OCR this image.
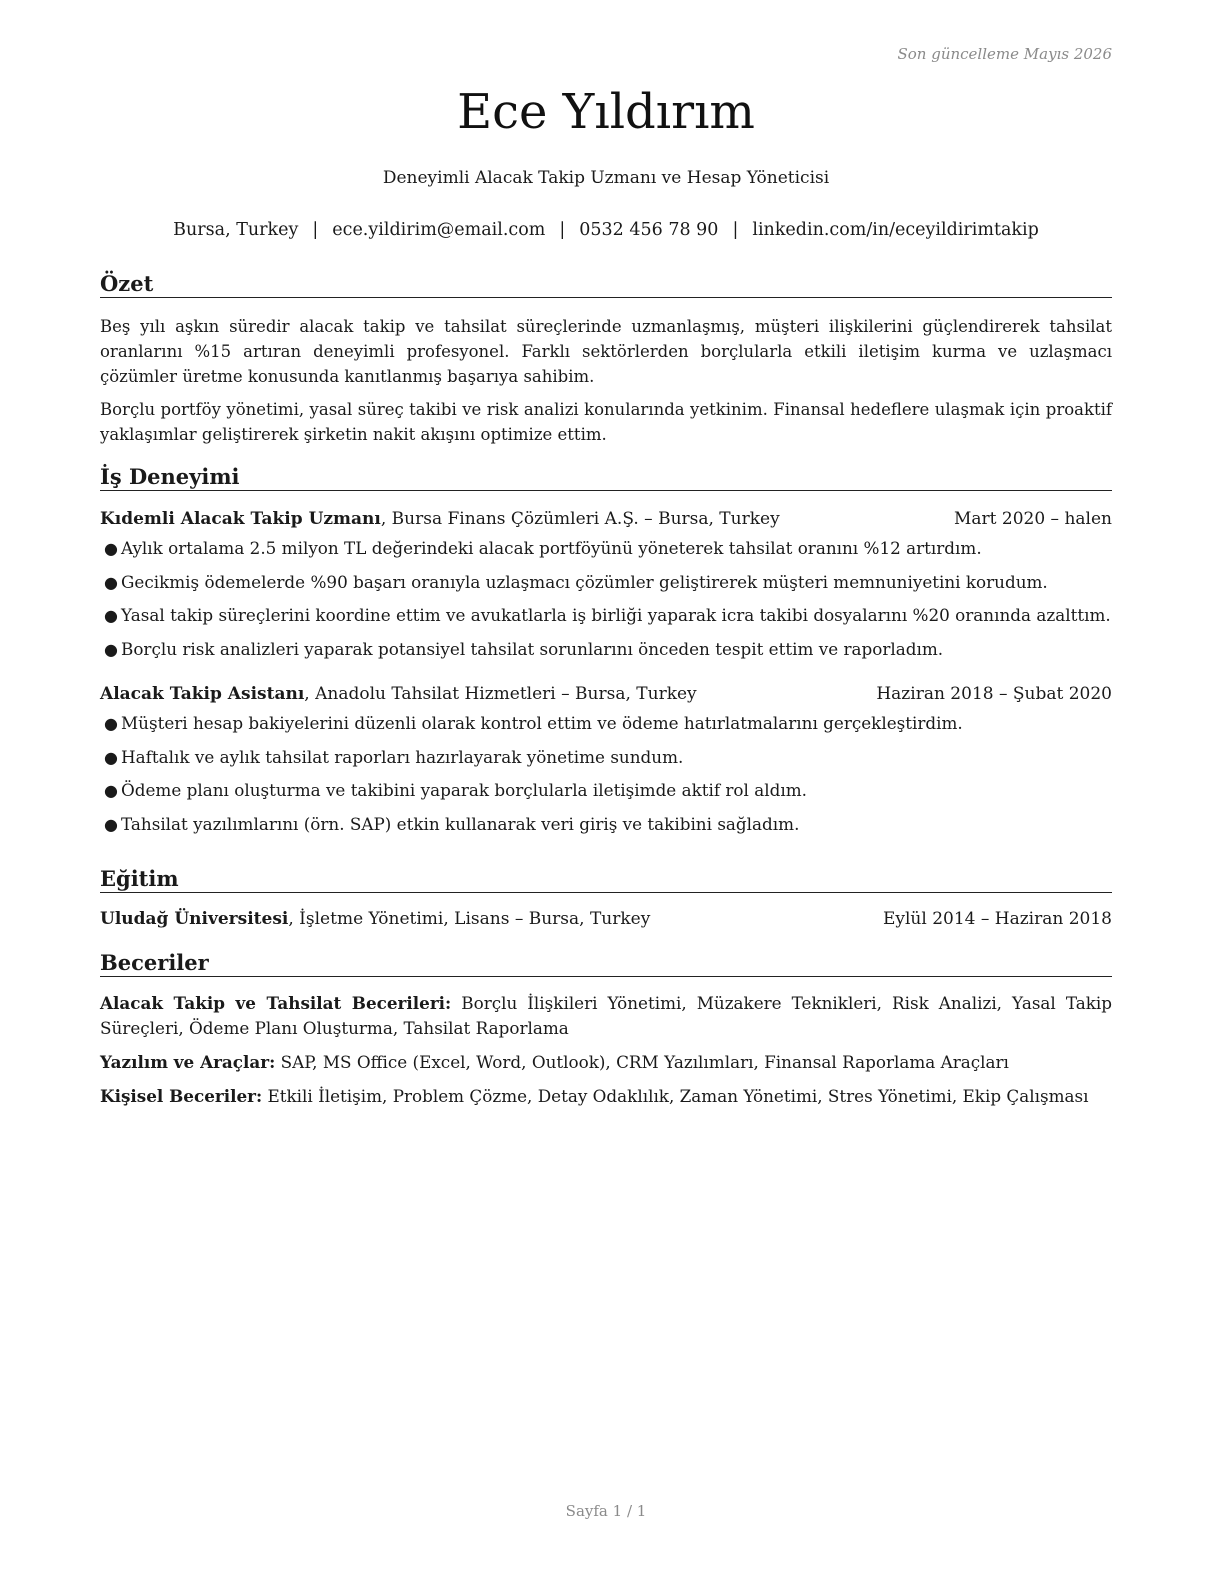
Son güncelleme Mayıs 2026
Ece Yıldırım
Deneyimli Alacak Takip Uzmanı ve Hesap Yöneticisi
Bursa, Turkey | ece.yildirim@email.com | 0532 456 78 90 | linkedin.com/in/eceyildirimtakip
Özet

Beş yılı aşkın süredir alacak takip ve tahsilat süreçlerinde uzmanlaşmış, müşteri ilişkilerini güçlendirerek tahsilat oranlarını %15 artıran deneyimli profesyonel. Farklı sektörlerden borçlularla etkili iletişim kurma ve uzlaşmacı çözümler üretme konusunda kanıtlanmış başarıya sahibim.

Borçlu portföy yönetimi, yasal süreç takibi ve risk analizi konularında yetkinim. Finansal hedeflere ulaşmak için proaktif yaklaşımlar geliştirerek şirketin nakit akışını optimize ettim.

İş Deneyimi
Kıdemli Alacak Takip Uzmanı, Bursa Finans Çözümleri A.Ş. – Bursa, Turkey	Mart 2020 – halen
● Aylık ortalama 2.5 milyon TL değerindeki alacak portföyünü yöneterek tahsilat oranını %12 artırdım.
● Gecikmiş ödemelerde %90 başarı oranıyla uzlaşmacı çözümler geliştirerek müşteri memnuniyetini korudum.
● Yasal takip süreçlerini koordine ettim ve avukatlarla iş birliği yaparak icra takibi dosyalarını %20 oranında azalttım.
● Borçlu risk analizleri yaparak potansiyel tahsilat sorunlarını önceden tespit ettim ve raporladım.
Alacak Takip Asistanı, Anadolu Tahsilat Hizmetleri – Bursa, Turkey	Haziran 2018 – Şubat 2020
● Müşteri hesap bakiyelerini düzenli olarak kontrol ettim ve ödeme hatırlatmalarını gerçekleştirdim.
● Haftalık ve aylık tahsilat raporları hazırlayarak yönetime sundum.
● Ödeme planı oluşturma ve takibini yaparak borçlularla iletişimde aktif rol aldım.
● Tahsilat yazılımlarını (örn. SAP) etkin kullanarak veri giriş ve takibini sağladım.
Eğitim
Uludağ Üniversitesi, İşletme Yönetimi, Lisans – Bursa, Turkey	Eylül 2014 – Haziran 2018
Beceriler

Alacak Takip ve Tahsilat Becerileri: Borçlu İlişkileri Yönetimi, Müzakere Teknikleri, Risk Analizi, Yasal Takip Süreçleri, Ödeme Planı Oluşturma, Tahsilat Raporlama

Yazılım ve Araçlar: SAP, MS Office (Excel, Word, Outlook), CRM Yazılımları, Finansal Raporlama Araçları

Kişisel Beceriler: Etkili İletişim, Problem Çözme, Detay Odaklılık, Zaman Yönetimi, Stres Yönetimi, Ekip Çalışması

Sayfa 1 / 1
